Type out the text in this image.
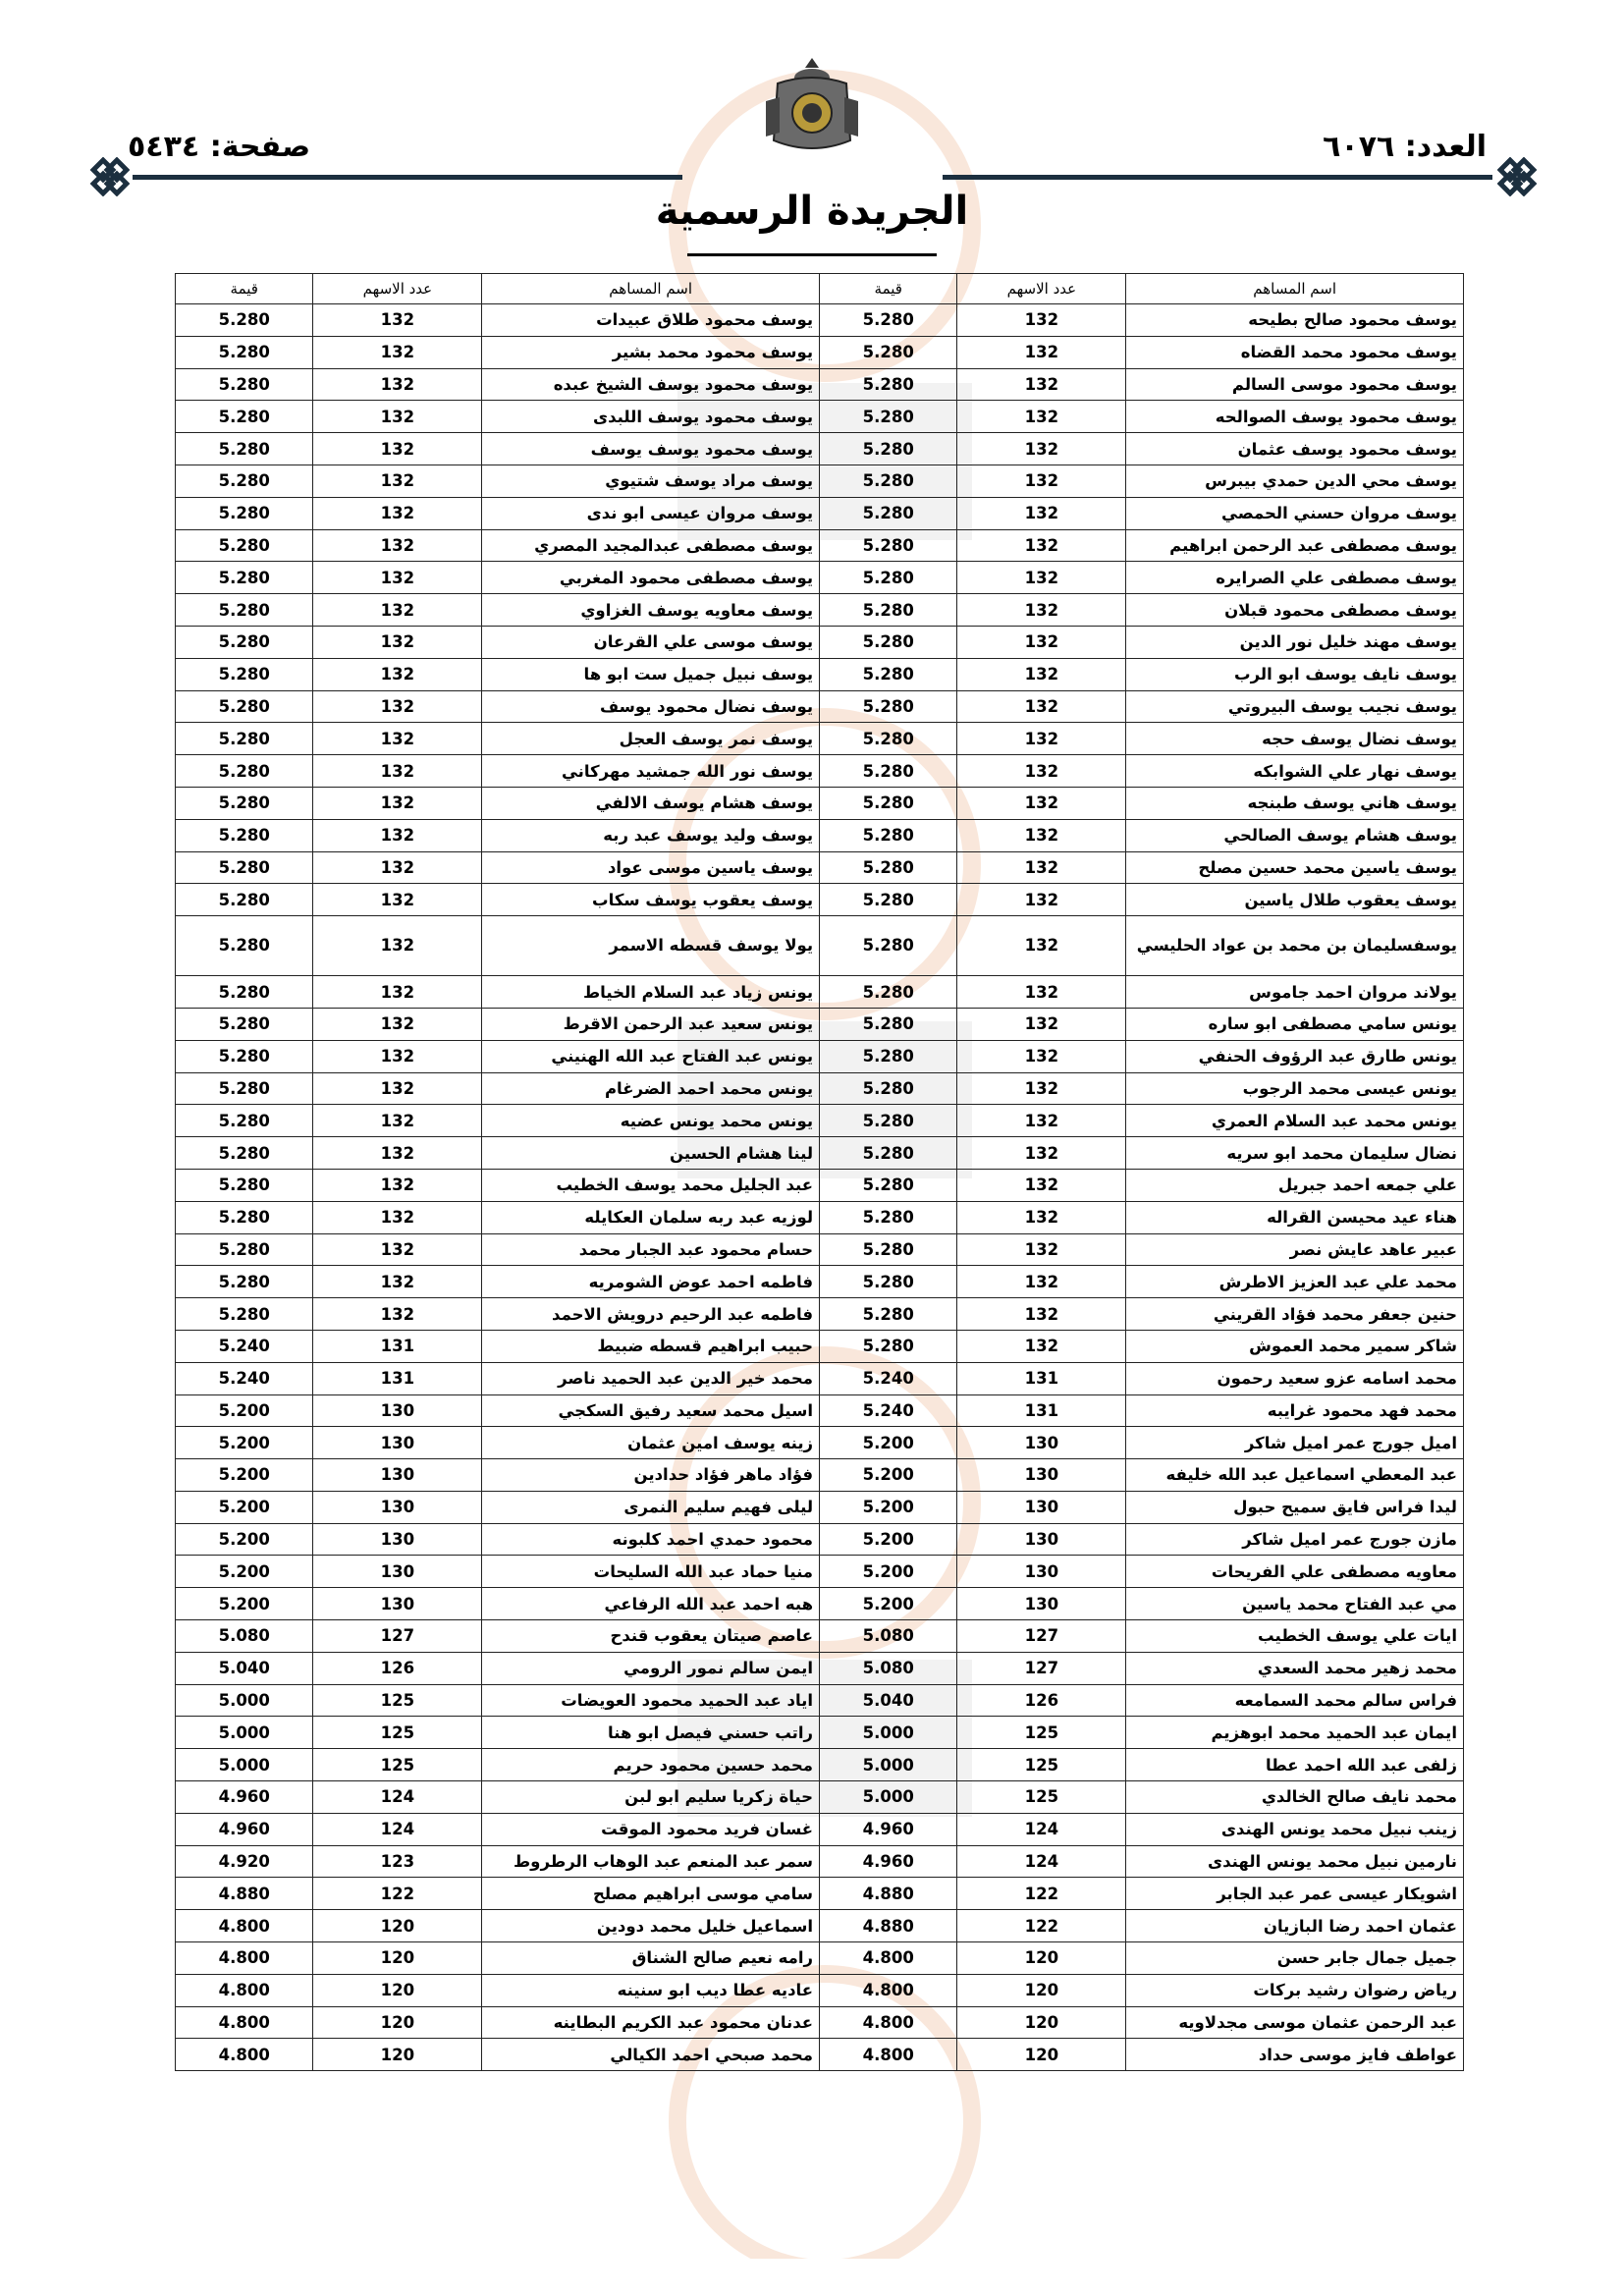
العدد: ٦٠٧٦
صفحة: ٥٤٣٤
الجريدة الرسمية
اسم المساهم	عدد الاسهم	قيمة	اسم المساهم	عدد الاسهم	قيمة
يوسف محمود صالح بطيحه	132	5.280	يوسف محمود طلاق عبيدات	132	5.280
يوسف محمود محمد القضاه	132	5.280	يوسف محمود محمد بشير	132	5.280
يوسف محمود موسى السالم	132	5.280	يوسف محمود يوسف الشيخ عبده	132	5.280
يوسف محمود يوسف الصوالحه	132	5.280	يوسف محمود يوسف اللبدى	132	5.280
يوسف محمود يوسف عثمان	132	5.280	يوسف محمود يوسف يوسف	132	5.280
يوسف محي الدين حمدي بيبرس	132	5.280	يوسف مراد يوسف شتيوي	132	5.280
يوسف مروان حسني الحمصي	132	5.280	يوسف مروان عيسى ابو ندى	132	5.280
يوسف مصطفى عبد الرحمن ابراهيم	132	5.280	يوسف مصطفى عبدالمجيد المصري	132	5.280
يوسف مصطفى علي الصرايره	132	5.280	يوسف مصطفى محمود المغربي	132	5.280
يوسف مصطفى محمود قبلان	132	5.280	يوسف معاويه يوسف الغزاوي	132	5.280
يوسف مهند خليل نور الدين	132	5.280	يوسف موسى علي القرعان	132	5.280
يوسف نايف يوسف ابو الرب	132	5.280	يوسف نبيل جميل ست ابو ها	132	5.280
يوسف نجيب يوسف البيروتي	132	5.280	يوسف نضال محمود يوسف	132	5.280
يوسف نضال يوسف حجه	132	5.280	يوسف نمر يوسف العجل	132	5.280
يوسف نهار علي الشوابكه	132	5.280	يوسف نور الله جمشيد مهركاني	132	5.280
يوسف هاني يوسف طبنجه	132	5.280	يوسف هشام يوسف الالفي	132	5.280
يوسف هشام يوسف الصالحي	132	5.280	يوسف وليد يوسف عبد ربه	132	5.280
يوسف ياسين محمد حسين مصلح	132	5.280	يوسف ياسين موسى عواد	132	5.280
يوسف يعقوب طلال ياسين	132	5.280	يوسف يعقوب يوسف سكاب	132	5.280
يوسفسليمان بن محمد بن عواد الحليسي	132	5.280	يولا يوسف قسطه الاسمر	132	5.280
يولاند مروان احمد جاموس	132	5.280	يونس زياد عبد السلام الخياط	132	5.280
يونس سامي مصطفى ابو ساره	132	5.280	يونس سعيد عبد الرحمن الاقرط	132	5.280
يونس طارق عبد الرؤوف الحنفي	132	5.280	يونس عبد الفتاح عبد الله الهنيني	132	5.280
يونس عيسى محمد الرجوب	132	5.280	يونس محمد احمد الضرغام	132	5.280
يونس محمد عبد السلام العمري	132	5.280	يونس محمد يونس عضيه	132	5.280
نضال سليمان محمد ابو سريه	132	5.280	لينا هشام الحسين	132	5.280
علي جمعه احمد جبريل	132	5.280	عبد الجليل محمد يوسف الخطيب	132	5.280
هناء عيد محيسن القراله	132	5.280	لوزيه عبد ربه سلمان العكايله	132	5.280
عبير عاهد عايش نصر	132	5.280	حسام محمود عبد الجبار محمد	132	5.280
محمد علي عبد العزيز الاطرش	132	5.280	فاطمه احمد عوض الشومريه	132	5.280
حنين جعفر محمد فؤاد القريني	132	5.280	فاطمه عبد الرحيم درويش الاحمد	132	5.280
شاكر سمير محمد العموش	132	5.280	حبيب ابراهيم قسطه ضبيط	131	5.240
محمد اسامه عزو سعيد رحمون	131	5.240	محمد خير الدين عبد الحميد ناصر	131	5.240
محمد فهد محمود غرايبه	131	5.240	اسيل محمد سعيد رفيق السكجي	130	5.200
اميل جورج عمر اميل شاكر	130	5.200	زينه يوسف امين عثمان	130	5.200
عبد المعطي اسماعيل عبد الله خليفه	130	5.200	فؤاد ماهر فؤاد حدادين	130	5.200
ليدا فراس فايق سميح حبول	130	5.200	ليلى فهيم سليم النمرى	130	5.200
مازن جورج عمر اميل شاكر	130	5.200	محمود حمدي احمد كلبونه	130	5.200
معاويه مصطفى علي الفريحات	130	5.200	منيا حماد عبد الله السليحات	130	5.200
مي عبد الفتاح محمد ياسين	130	5.200	هبه احمد عبد الله الرفاعي	130	5.200
ايات علي يوسف الخطيب	127	5.080	عاصم صيتان يعقوب قندح	127	5.080
محمد زهير محمد السعدي	127	5.080	ايمن سالم نمور الرومي	126	5.040
فراس سالم محمد السمامعه	126	5.040	اياد عبد الحميد محمود العويضات	125	5.000
ايمان عبد الحميد محمد ابوهزيم	125	5.000	راتب حسني فيصل ابو هنا	125	5.000
زلفى عبد الله احمد عطا	125	5.000	محمد حسين محمود حريم	125	5.000
محمد نايف صالح الخالدي	125	5.000	حياة زكريا سليم ابو لبن	124	4.960
زينب نبيل محمد يونس الهندى	124	4.960	غسان فريد محمود الموقت	124	4.960
نارمين نبيل محمد يونس الهندى	124	4.960	سمر عبد المنعم عبد الوهاب الرطروط	123	4.920
اشويكار عيسى عمر عبد الجابر	122	4.880	سامي موسى ابراهيم مصلح	122	4.880
عثمان احمد رضا البازيان	122	4.880	اسماعيل خليل محمد دودين	120	4.800
جميل جمال جابر حسن	120	4.800	رامه نعيم صالح الشناق	120	4.800
رياض رضوان رشيد بركات	120	4.800	عاديه عطا ديب ابو سنينه	120	4.800
عبد الرحمن عثمان موسى مجدلاويه	120	4.800	عدنان محمود عبد الكريم البطاينه	120	4.800
عواطف فايز موسى حداد	120	4.800	محمد صبحي احمد الكيالي	120	4.800
